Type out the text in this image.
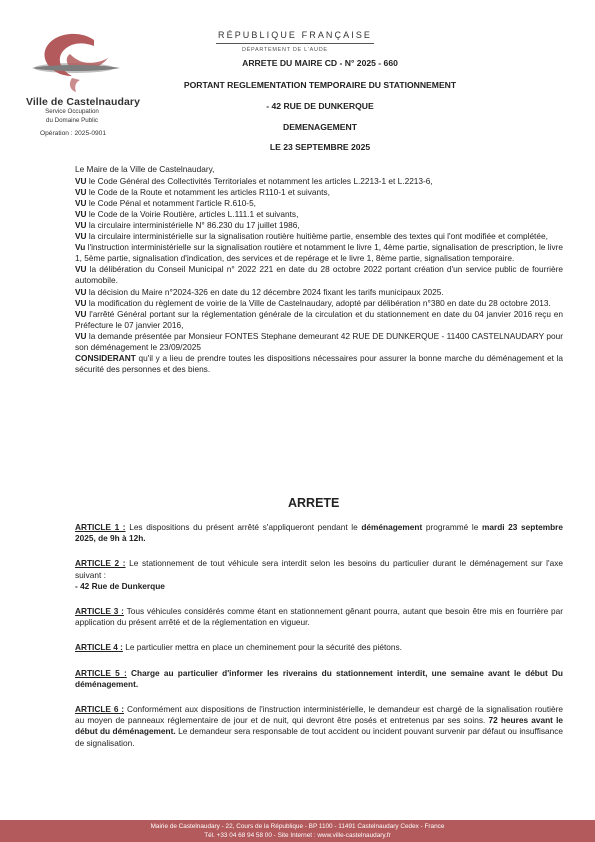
Ville de Castelnaudary
Service Occupation
du Domaine Public
Opération : 2025-0901
RÉPUBLIQUE FRANÇAISE
DÉPARTEMENT DE L'AUDE
ARRETE DU MAIRE CD - N° 2025 - 660
PORTANT REGLEMENTATION TEMPORAIRE DU STATIONNEMENT
- 42 RUE DE DUNKERQUE
DEMENAGEMENT
LE 23 SEPTEMBRE 2025

Le Maire de la Ville de Castelnaudary,

VU le Code Général des Collectivités Territoriales et notamment les articles L.2213-1 et L.2213-6,

VU le Code de la Route et notamment les articles R110-1 et suivants,

VU le Code Pénal et notamment l'article R.610-5,

VU le Code de la Voirie Routière, articles L.111.1 et suivants,

VU la circulaire interministérielle N° 86.230 du 17 juillet 1986,

VU la circulaire interministérielle sur la signalisation routière huitième partie, ensemble des textes qui l'ont modifiée et complétée,

Vu l'instruction interministérielle sur la signalisation routière et notamment le livre 1, 4ème partie, signalisation de prescription, le livre 1, 5ème partie, signalisation d'indication, des services et de repérage et le livre 1, 8ème partie, signalisation temporaire.

VU la délibération du Conseil Municipal n° 2022 221 en date du 28 octobre 2022 portant création d'un service public de fourrière automobile.

VU la décision du Maire n°2024-326 en date du 12 décembre 2024 fixant les tarifs municipaux 2025.

VU la modification du règlement de voirie de la Ville de Castelnaudary, adopté par délibération n°380 en date du 28 octobre 2013.

VU l'arrêté Général portant sur la réglementation générale de la circulation et du stationnement en date du 04 janvier 2016 reçu en Préfecture le 07 janvier 2016,

VU la demande présentée par Monsieur FONTES Stephane demeurant 42 RUE DE DUNKERQUE - 11400 CASTELNAUDARY pour son déménagement le 23/09/2025

CONSIDERANT qu'il y a lieu de prendre toutes les dispositions nécessaires pour assurer la bonne marche du déménagement et la sécurité des personnes et des biens.

ARRETE

ARTICLE 1 : Les dispositions du présent arrêté s'appliqueront pendant le déménagement programmé le mardi 23 septembre 2025, de 9h à 12h.

ARTICLE 2 : Le stationnement de tout véhicule sera interdit selon les besoins du particulier durant le déménagement sur l'axe suivant :
- 42 Rue de Dunkerque

ARTICLE 3 : Tous véhicules considérés comme étant en stationnement gênant pourra, autant que besoin être mis en fourrière par application du présent arrêté et de la réglementation en vigueur.

ARTICLE 4 : Le particulier mettra en place un cheminement pour la sécurité des piétons.

ARTICLE 5 : Charge au particulier d'informer les riverains du stationnement interdit, une semaine avant le début Du déménagement.

ARTICLE 6 : Conformément aux dispositions de l'instruction interministérielle, le demandeur est chargé de la signalisation routière au moyen de panneaux réglementaire de jour et de nuit, qui devront être posés et entretenus par ses soins. 72 heures avant le début du déménagement. Le demandeur sera responsable de tout accident ou incident pouvant survenir par défaut ou insuffisance de signalisation.

Mairie de Castelnaudary - 22, Cours de la République - BP 1100 - 11491 Castelnaudary Cedex - France
Tél. +33 04 68 94 58 00 - Site Internet : www.ville-castelnaudary.fr
